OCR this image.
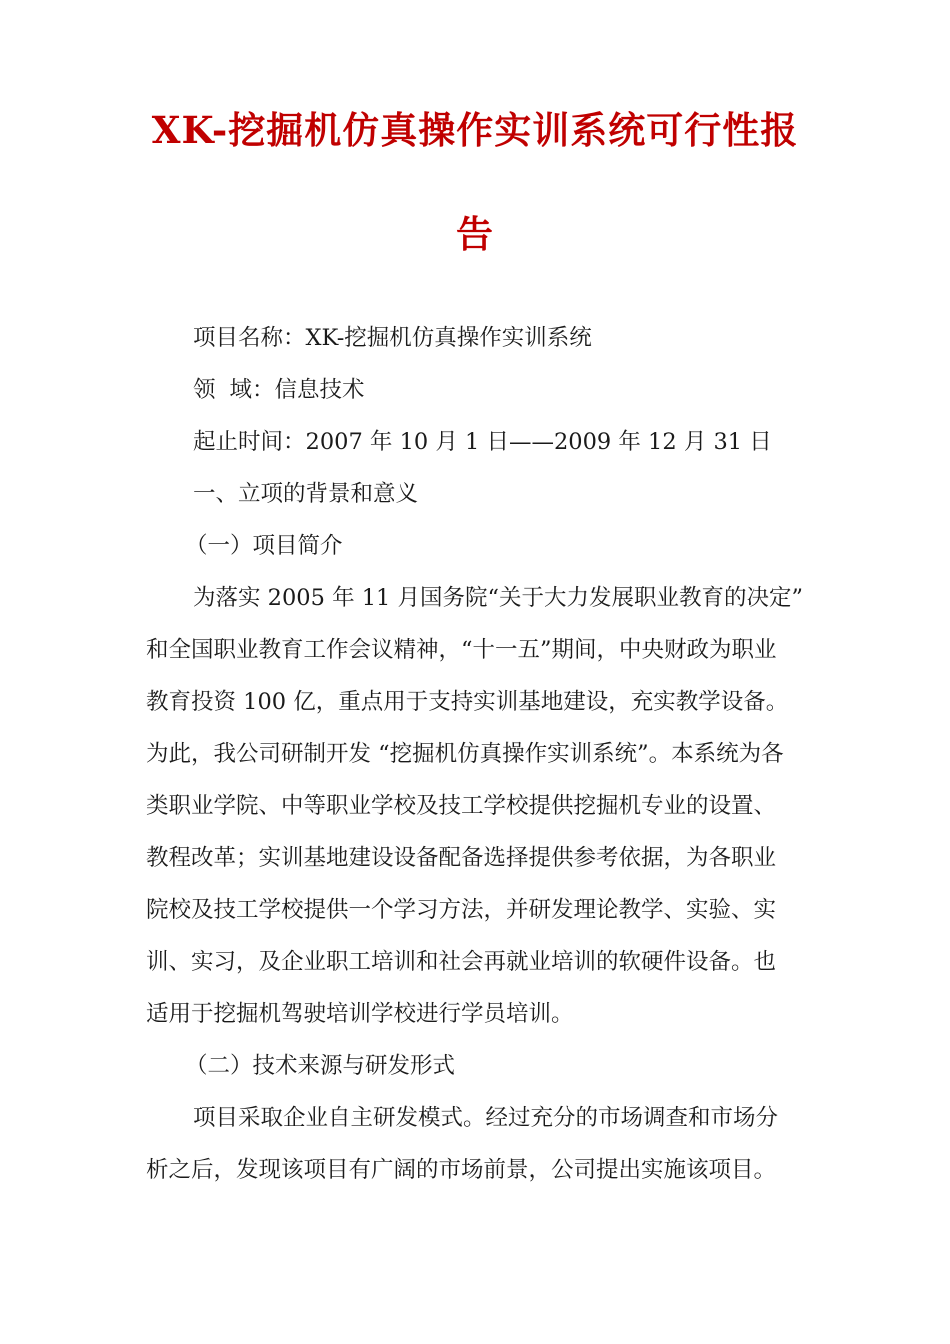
XK-挖掘机仿真操作实训系统可行性报
告
项目名称：XK-挖掘机仿真操作实训系统
领 域：信息技术
起止时间：2007 年 10 月 1 日——2009 年 12 月 31 日
一、立项的背景和意义
（一）项目简介
为落实 2005 年 11 月国务院“关于大力发展职业教育的决定”
和全国职业教育工作会议精神，“十一五”期间，中央财政为职业
教育投资 100 亿，重点用于支持实训基地建设，充实教学设备。
为此，我公司研制开发 “挖掘机仿真操作实训系统”。本系统为各
类职业学院、中等职业学校及技工学校提供挖掘机专业的设置、
教程改革；实训基地建设设备配备选择提供参考依据，为各职业
院校及技工学校提供一个学习方法，并研发理论教学、实验、实
训、实习，及企业职工培训和社会再就业培训的软硬件设备。也
适用于挖掘机驾驶培训学校进行学员培训。
（二）技术来源与研发形式
项目采取企业自主研发模式。经过充分的市场调查和市场分
析之后，发现该项目有广阔的市场前景，公司提出实施该项目。
